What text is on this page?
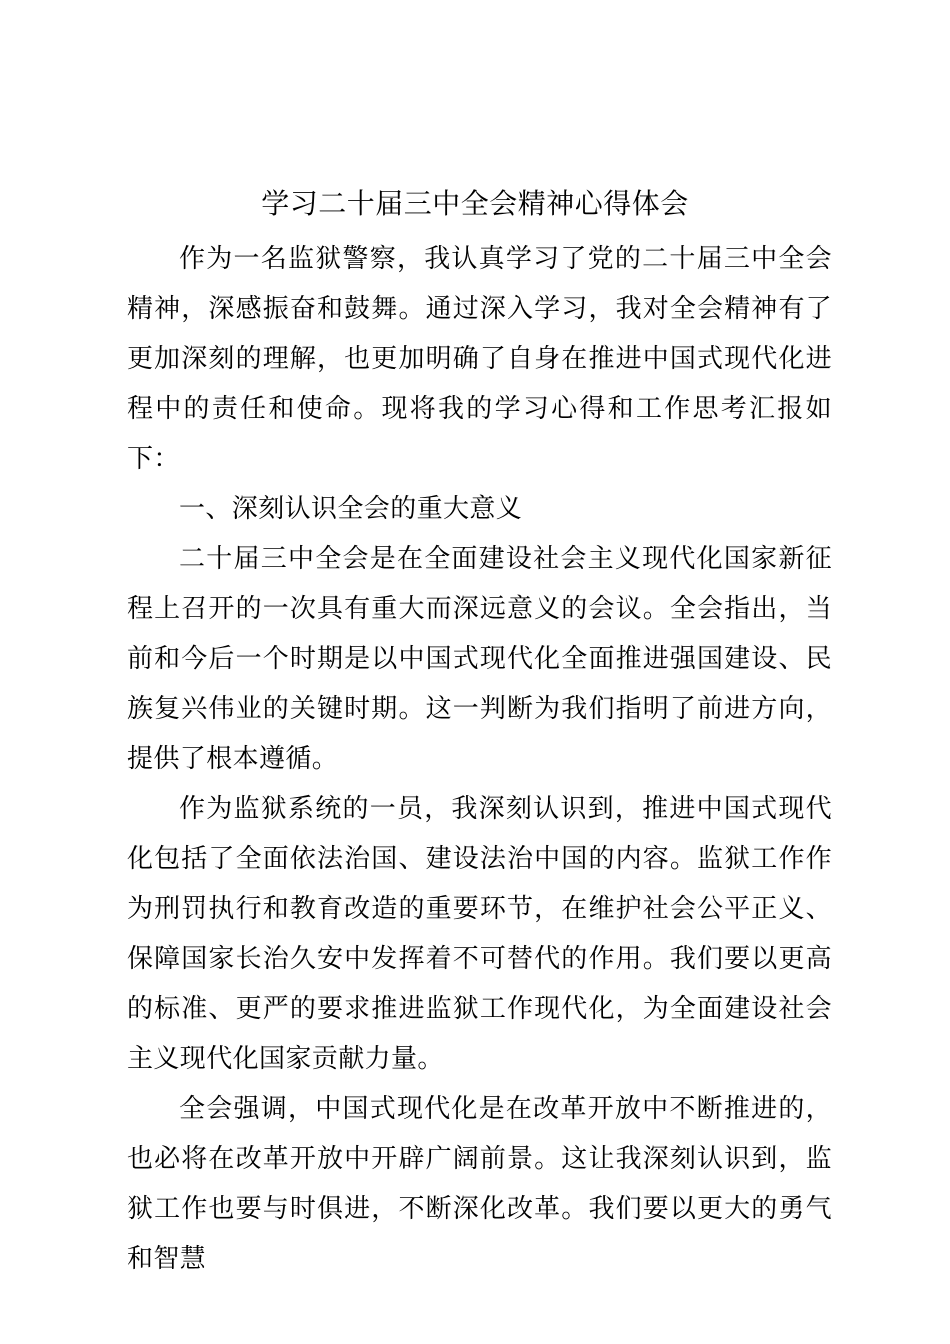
学习二十届三中全会精神心得体会

作为一名监狱警察，我认真学习了党的二十届三中全会精神，深感振奋和鼓舞。通过深入学习，我对全会精神有了更加深刻的理解，也更加明确了自身在推进中国式现代化进程中的责任和使命。现将我的学习心得和工作思考汇报如下：

一、深刻认识全会的重大意义

二十届三中全会是在全面建设社会主义现代化国家新征程上召开的一次具有重大而深远意义的会议。全会指出，当前和今后一个时期是以中国式现代化全面推进强国建设、民族复兴伟业的关键时期。这一判断为我们指明了前进方向，提供了根本遵循。

作为监狱系统的一员，我深刻认识到，推进中国式现代化包括了全面依法治国、建设法治中国的内容。监狱工作作为刑罚执行和教育改造的重要环节，在维护社会公平正义、保障国家长治久安中发挥着不可替代的作用。我们要以更高的标准、更严的要求推进监狱工作现代化，为全面建设社会主义现代化国家贡献力量。

全会强调，中国式现代化是在改革开放中不断推进的，也必将在改革开放中开辟广阔前景。这让我深刻认识到，监狱工作也要与时俱进，不断深化改革。我们要以更大的勇气和智慧
